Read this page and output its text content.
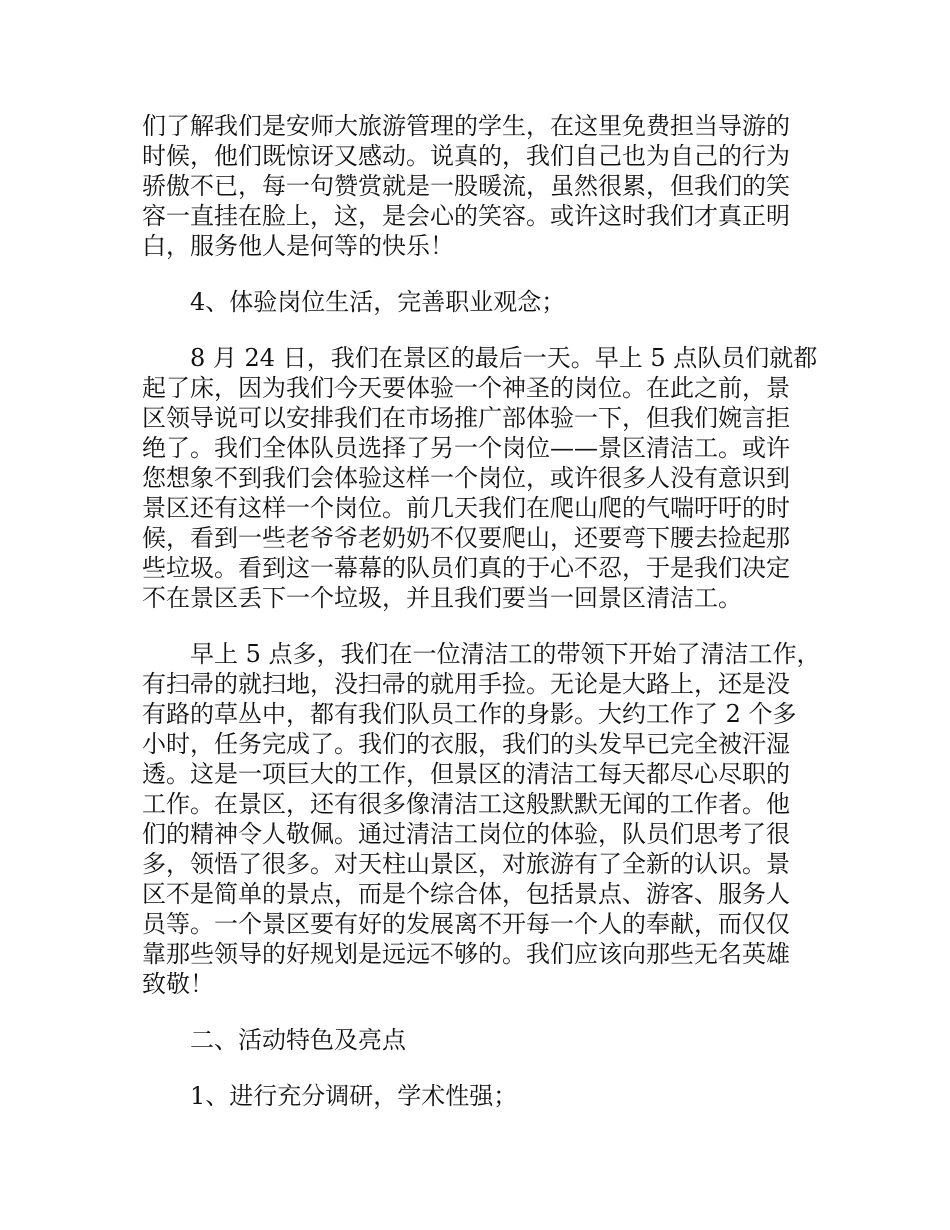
们了解我们是安师大旅游管理的学生，在这里免费担当导游的
时候，他们既惊讶又感动。说真的，我们自己也为自己的行为
骄傲不已，每一句赞赏就是一股暖流，虽然很累，但我们的笑
容一直挂在脸上，这，是会心的笑容。或许这时我们才真正明
白，服务他人是何等的快乐！
4、体验岗位生活，完善职业观念；
8 月 24 日，我们在景区的最后一天。早上 5 点队员们就都
起了床，因为我们今天要体验一个神圣的岗位。在此之前，景
区领导说可以安排我们在市场推广部体验一下，但我们婉言拒
绝了。我们全体队员选择了另一个岗位——景区清洁工。或许
您想象不到我们会体验这样一个岗位，或许很多人没有意识到
景区还有这样一个岗位。前几天我们在爬山爬的气喘吁吁的时
候，看到一些老爷爷老奶奶不仅要爬山，还要弯下腰去捡起那
些垃圾。看到这一幕幕的队员们真的于心不忍，于是我们决定
不在景区丢下一个垃圾，并且我们要当一回景区清洁工。
早上 5 点多，我们在一位清洁工的带领下开始了清洁工作，
有扫帚的就扫地，没扫帚的就用手捡。无论是大路上，还是没
有路的草丛中，都有我们队员工作的身影。大约工作了 2 个多
小时，任务完成了。我们的衣服，我们的头发早已完全被汗湿
透。这是一项巨大的工作，但景区的清洁工每天都尽心尽职的
工作。在景区，还有很多像清洁工这般默默无闻的工作者。他
们的精神令人敬佩。通过清洁工岗位的体验，队员们思考了很
多，领悟了很多。对天柱山景区，对旅游有了全新的认识。景
区不是简单的景点，而是个综合体，包括景点、游客、服务人
员等。一个景区要有好的发展离不开每一个人的奉献，而仅仅
靠那些领导的好规划是远远不够的。我们应该向那些无名英雄
致敬！
二、活动特色及亮点
1、进行充分调研，学术性强；
